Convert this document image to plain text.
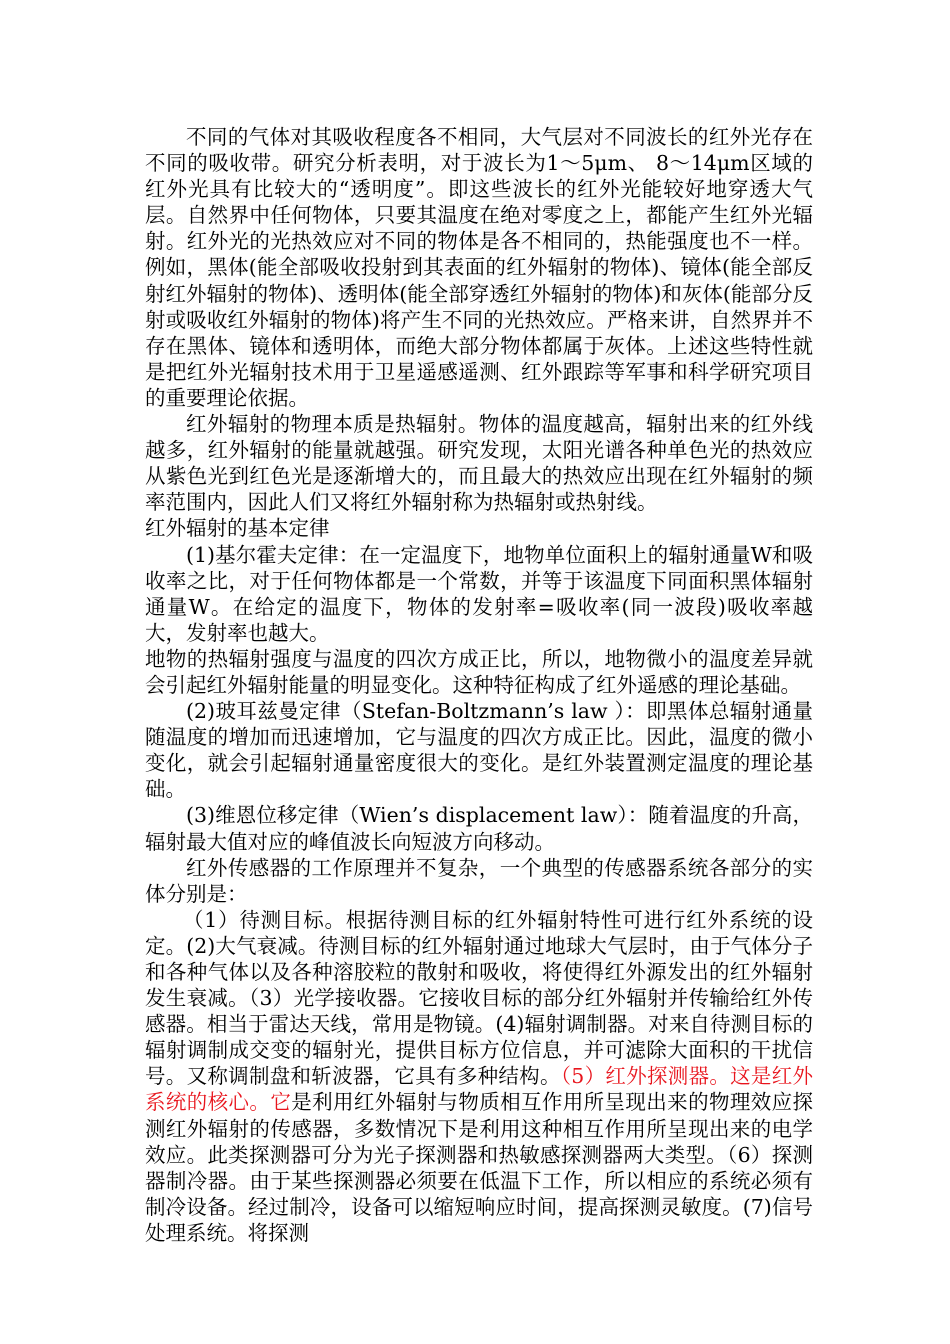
不同的气体对其吸收程度各不相同，大气层对不同波长的红外光存在不同的吸收带。研究分析表明，对于波长为1～5μm、 8～14μm区域的红外光具有比较大的“透明度”。即这些波长的红外光能较好地穿透大气层。自然界中任何物体，只要其温度在绝对零度之上，都能产生红外光辐射。红外光的光热效应对不同的物体是各不相同的，热能强度也不一样。例如，黑体(能全部吸收投射到其表面的红外辐射的物体)、镜体(能全部反射红外辐射的物体)、透明体(能全部穿透红外辐射的物体)和灰体(能部分反射或吸收红外辐射的物体)将产生不同的光热效应。严格来讲，自然界并不存在黑体、镜体和透明体，而绝大部分物体都属于灰体。上述这些特性就是把红外光辐射技术用于卫星遥感遥测、红外跟踪等军事和科学研究项目的重要理论依据。

红外辐射的物理本质是热辐射。物体的温度越高，辐射出来的红外线越多，红外辐射的能量就越强。研究发现，太阳光谱各种单色光的热效应从紫色光到红色光是逐渐增大的，而且最大的热效应出现在红外辐射的频率范围内，因此人们又将红外辐射称为热辐射或热射线。

红外辐射的基本定律

(1)基尔霍夫定律：在一定温度下，地物单位面积上的辐射通量W和吸收率之比，对于任何物体都是一个常数，并等于该温度下同面积黑体辐射通量W。在给定的温度下，物体的发射率=吸收率(同一波段)吸收率越大，发射率也越大。

地物的热辐射强度与温度的四次方成正比，所以，地物微小的温度差异就会引起红外辐射能量的明显变化。这种特征构成了红外遥感的理论基础。

(2)玻耳兹曼定律（Stefan-Boltzmann’s law ）：即黑体总辐射通量随温度的增加而迅速增加，它与温度的四次方成正比。因此，温度的微小变化，就会引起辐射通量密度很大的变化。是红外装置测定温度的理论基础。

(3)维恩位移定律（Wien’s displacement law）：随着温度的升高，辐射最大值对应的峰值波长向短波方向移动。

红外传感器的工作原理并不复杂，一个典型的传感器系统各部分的实体分别是：

（1）待测目标。根据待测目标的红外辐射特性可进行红外系统的设定。(2)大气衰减。待测目标的红外辐射通过地球大气层时，由于气体分子和各种气体以及各种溶胶粒的散射和吸收，将使得红外源发出的红外辐射发生衰减。（3）光学接收器。它接收目标的部分红外辐射并传输给红外传感器。相当于雷达天线，常用是物镜。(4)辐射调制器。对来自待测目标的辐射调制成交变的辐射光，提供目标方位信息，并可滤除大面积的干扰信号。又称调制盘和斩波器，它具有多种结构。（5）红外探测器。这是红外系统的核心。它是利用红外辐射与物质相互作用所呈现出来的物理效应探测红外辐射的传感器，多数情况下是利用这种相互作用所呈现出来的电学效应。此类探测器可分为光子探测器和热敏感探测器两大类型。（6）探测器制冷器。由于某些探测器必须要在低温下工作，所以相应的系统必须有制冷设备。经过制冷，设备可以缩短响应时间，提高探测灵敏度。(7)信号处理系统。将探测
